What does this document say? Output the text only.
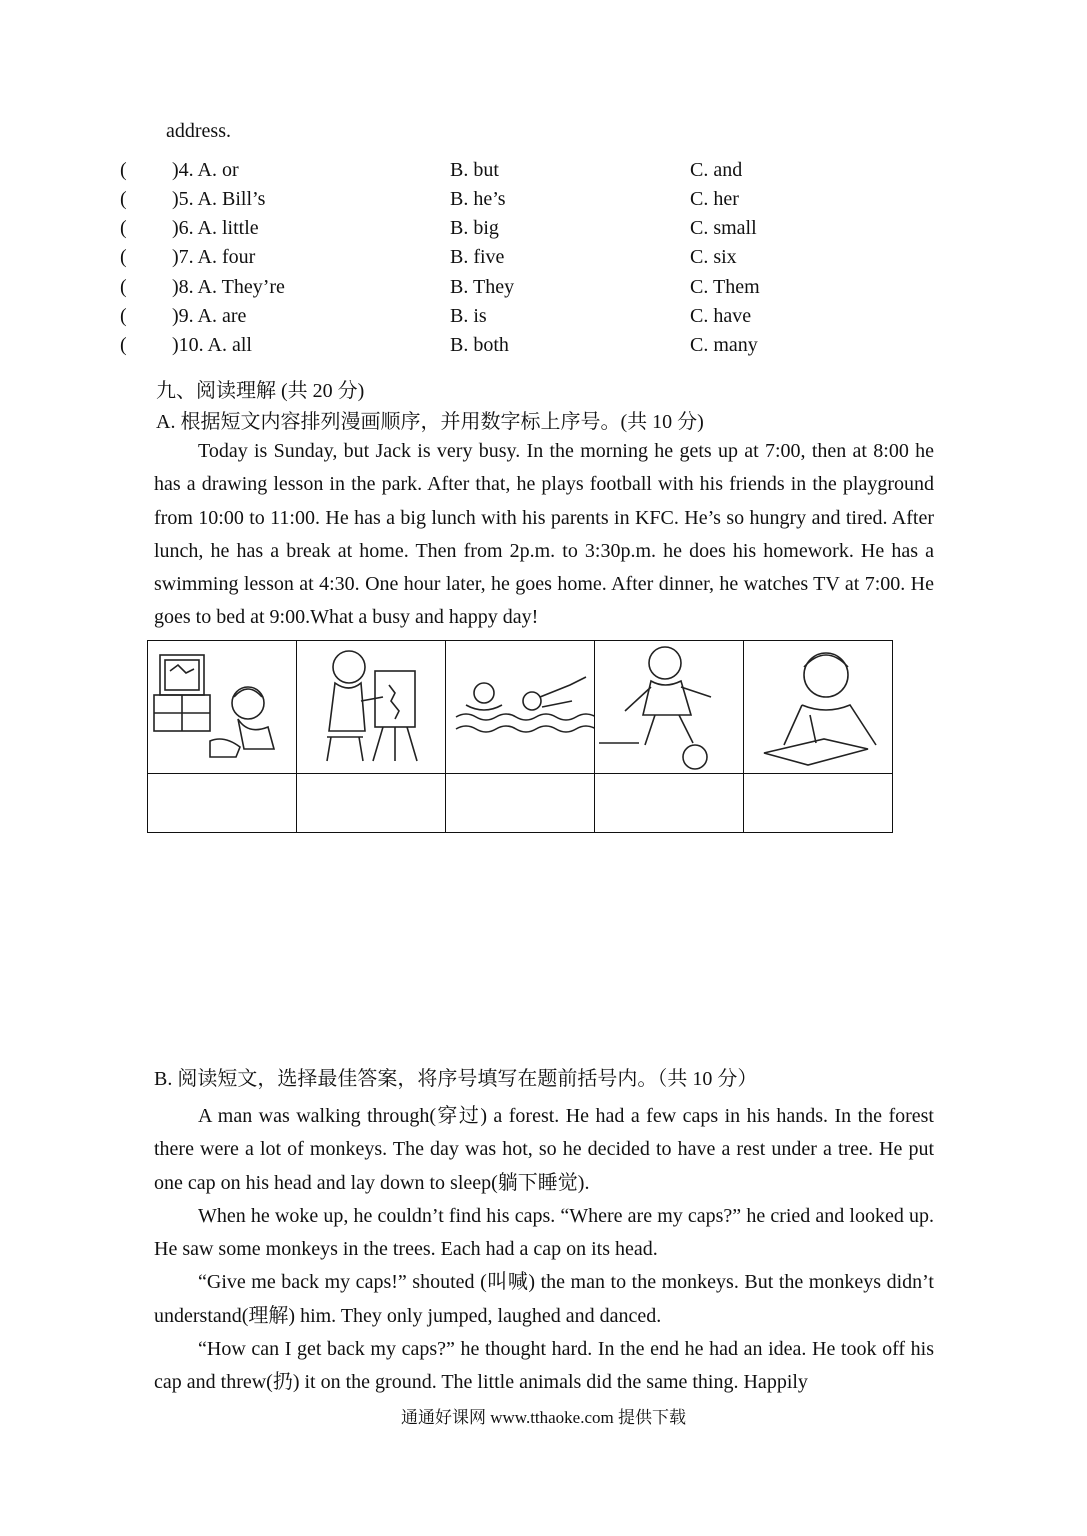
address.
( )4. A. or	B. but	C. and
( )5. A. Bill’s	B. he’s	C. her
( )6. A. little	B. big	C. small
( )7. A. four	B. five	C. six
( )8. A. They’re	B. They	C. Them
( )9. A. are	B. is	C. have
( )10. A. all	B. both	C. many
九、阅读理解 (共 20 分)
A. 根据短文内容排列漫画顺序，并用数字标上序号。(共 10 分)

Today is Sunday, but Jack is very busy. In the morning he gets up at 7:00, then at 8:00 he has a drawing lesson in the park. After that, he plays football with his friends in the playground from 10:00 to 11:00. He has a big lunch with his parents in KFC. He’s so hungry and tired. After lunch, he has a break at home. Then from 2p.m. to 3:30p.m. he does his homework. He has a swimming lesson at 4:30. One hour later, he goes home. After dinner, he watches TV at 7:00. He goes to bed at 9:00.What a busy and happy day!

B. 阅读短文，选择最佳答案，将序号填写在题前括号内。（共 10 分）

A man was walking through(穿过) a forest. He had a few caps in his hands. In the forest there were a lot of monkeys. The day was hot, so he decided to have a rest under a tree. He put one cap on his head and lay down to sleep(躺下睡觉).

When he woke up, he couldn’t find his caps. “Where are my caps?” he cried and looked up. He saw some monkeys in the trees. Each had a cap on its head.

“Give me back my caps!” shouted (叫喊) the man to the monkeys. But the monkeys didn’t understand(理解) him. They only jumped, laughed and danced.

“How can I get back my caps?” he thought hard. In the end he had an idea. He took off his cap and threw(扔) it on the ground. The little animals did the same thing. Happily

通通好课网 www.tthaoke.com 提供下载
